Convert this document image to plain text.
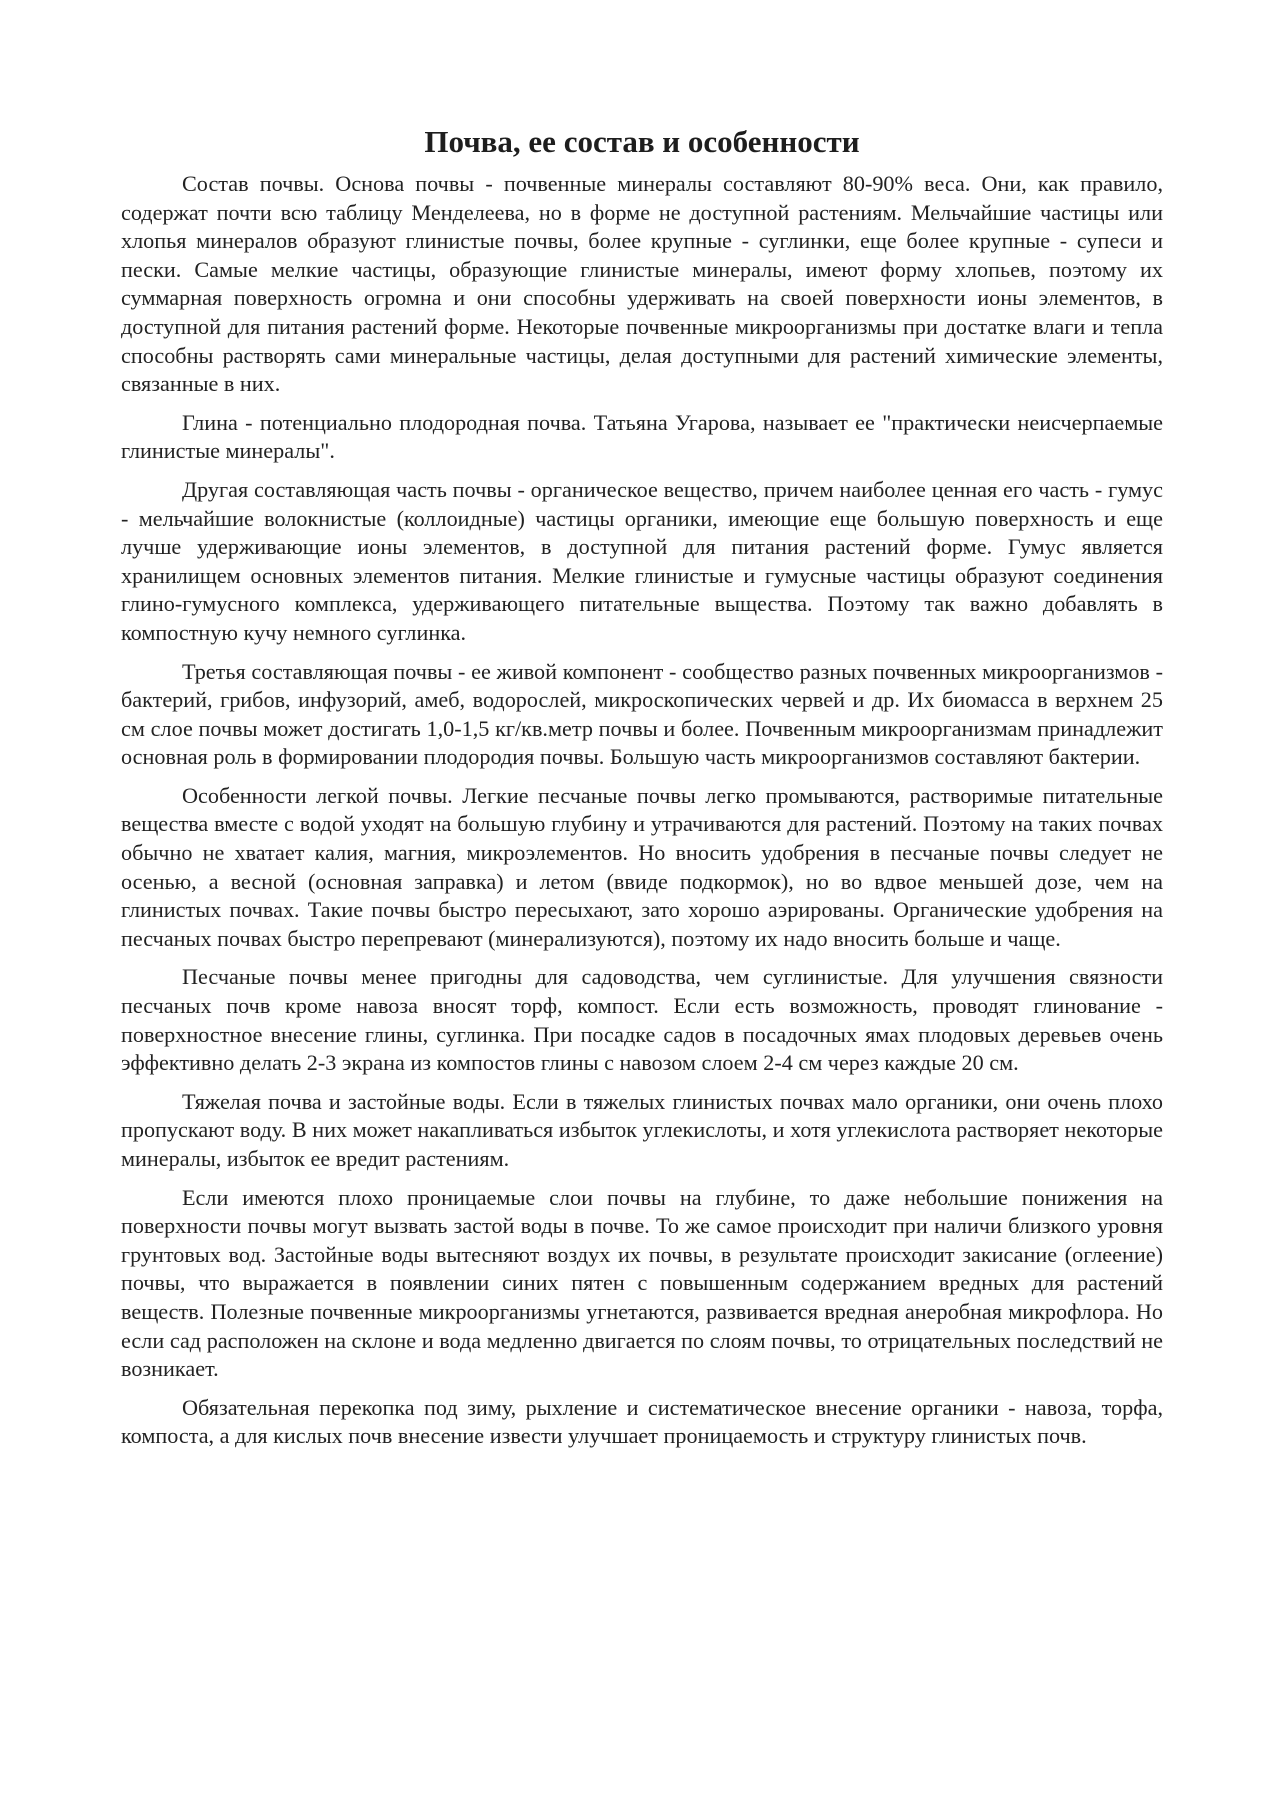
Почва, ее состав и особенности

Состав почвы. Основа почвы - почвенные минералы составляют 80-90% веса. Они, как правило, содержат почти всю таблицу Менделеева, но в форме не доступной растениям. Мельчайшие частицы или хлопья минералов образуют глинистые почвы, более крупные - суглинки, еще более крупные - супеси и пески. Самые мелкие частицы, образующие глинистые минералы, имеют форму хлопьев, поэтому их суммарная поверхность огромна и они способны удерживать на своей поверхности ионы элементов, в доступной для питания растений форме. Некоторые почвенные микроорганизмы при достатке влаги и тепла способны растворять сами минеральные частицы, делая доступными для растений химические элементы, связанные в них.

Глина - потенциально плодородная почва. Татьяна Угарова, называет ее "практически неисчерпаемые глинистые минералы".

Другая составляющая часть почвы - органическое вещество, причем наиболее ценная его часть - гумус - мельчайшие волокнистые (коллоидные) частицы органики, имеющие еще большую поверхность и еще лучше удерживающие ионы элементов, в доступной для питания растений форме. Гумус является хранилищем основных элементов питания. Мелкие глинистые и гумусные частицы образуют соединения глино-гумусного комплекса, удерживающего питательные выщества. Поэтому так важно добавлять в компостную кучу немного суглинка.

Третья составляющая почвы - ее живой компонент - сообщество разных почвенных микроорганизмов - бактерий, грибов, инфузорий, амеб, водорослей, микроскопических червей и др. Их биомасса в верхнем 25 см слое почвы может достигать 1,0-1,5 кг/кв.метр почвы и более. Почвенным микроорганизмам принадлежит основная роль в формировании плодородия почвы. Большую часть микроорганизмов составляют бактерии.

Особенности легкой почвы. Легкие песчаные почвы легко промываются, растворимые питательные вещества вместе с водой уходят на большую глубину и утрачиваются для растений. Поэтому на таких почвах обычно не хватает калия, магния, микроэлементов. Но вносить удобрения в песчаные почвы следует не осенью, а весной (основная заправка) и летом (ввиде подкормок), но во вдвое меньшей дозе, чем на глинистых почвах. Такие почвы быстро пересыхают, зато хорошо аэрированы. Органические удобрения на песчаных почвах быстро перепревают (минерализуются), поэтому их надо вносить больше и чаще.

Песчаные почвы менее пригодны для садоводства, чем суглинистые. Для улучшения связности песчаных почв кроме навоза вносят торф, компост. Если есть возможность, проводят глинование - поверхностное внесение глины, суглинка. При посадке садов в посадочных ямах плодовых деревьев очень эффективно делать 2-3 экрана из компостов глины с навозом слоем 2-4 см через каждые 20 см.

Тяжелая почва и застойные воды. Если в тяжелых глинистых почвах мало органики, они очень плохо пропускают воду. В них может накапливаться избыток углекислоты, и хотя углекислота растворяет некоторые минералы, избыток ее вредит растениям.

Если имеются плохо проницаемые слои почвы на глубине, то даже небольшие понижения на поверхности почвы могут вызвать застой воды в почве. То же самое происходит при наличи близкого уровня грунтовых вод. Застойные воды вытесняют воздух их почвы, в результате происходит закисание (оглеение) почвы, что выражается в появлении синих пятен с повышенным содержанием вредных для растений веществ. Полезные почвенные микроорганизмы угнетаются, развивается вредная анеробная микрофлора. Но если сад расположен на склоне и вода медленно двигается по слоям почвы, то отрицательных последствий не возникает.

Обязательная перекопка под зиму, рыхление и систематическое внесение органики - навоза, торфа, компоста, а для кислых почв внесение извести улучшает проницаемость и структуру глинистых почв.
